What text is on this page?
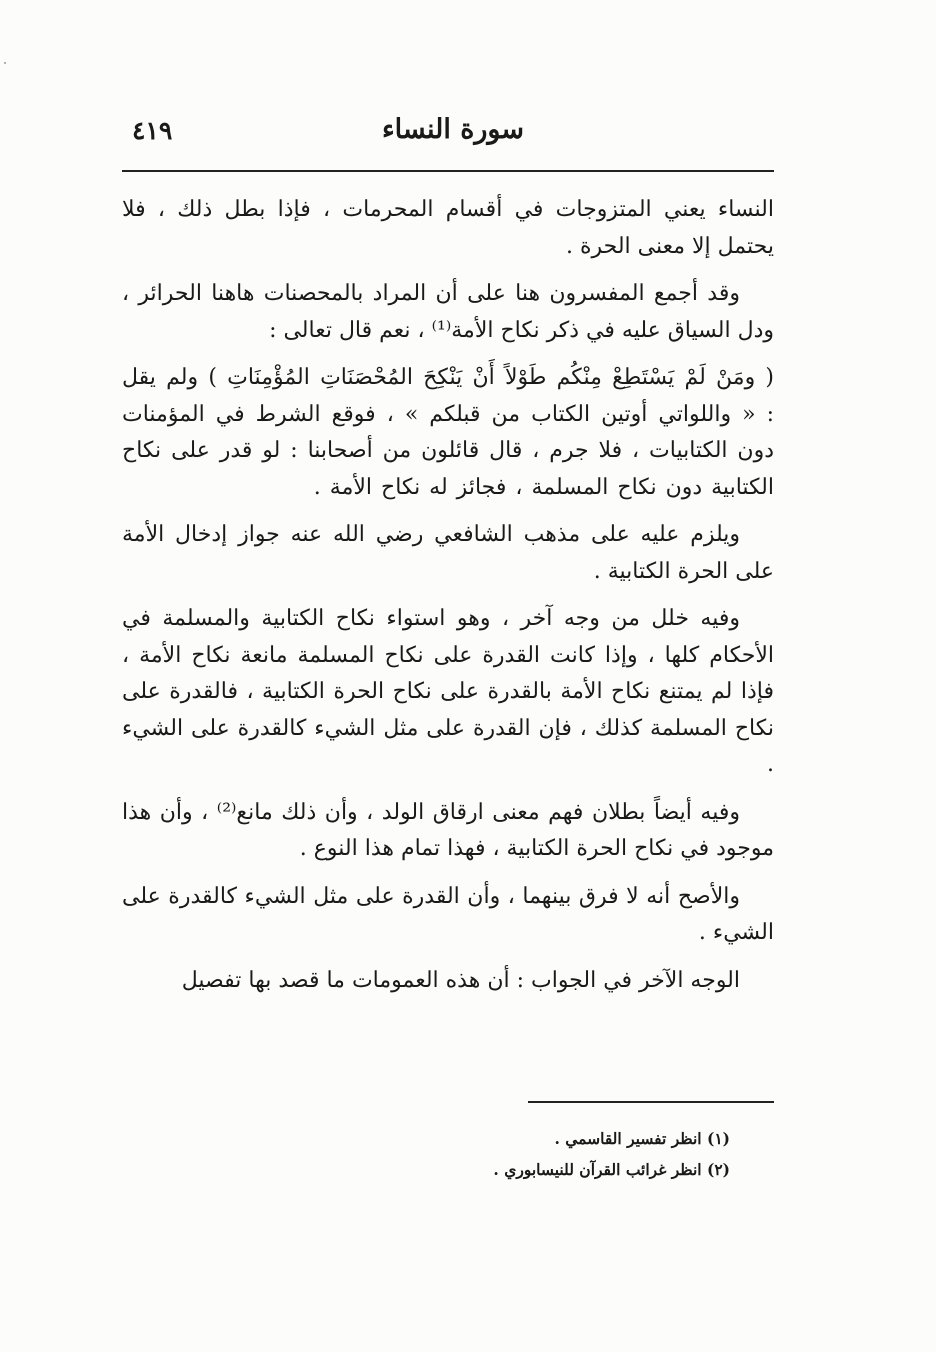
سورة النساء
٤١٩

النساء يعني المتزوجات في أقسام المحرمات ، فإذا بطل ذلك ، فلا يحتمل إلا معنى الحرة .

وقد أجمع المفسرون هنا على أن المراد بالمحصنات هاهنا الحرائر ، ودل السياق عليه في ذكر نكاح الأمة⁽¹⁾ ، نعم قال تعالى :

( ومَنْ لَمْ يَسْتَطِعْ مِنْكُم طَوْلاً أَنْ يَنْكِحَ المُحْصَنَاتِ المُؤْمِنَاتِ ) ولم يقل : « واللواتي أوتين الكتاب من قبلكم » ، فوقع الشرط في المؤمنات دون الكتابيات ، فلا جرم ، قال قائلون من أصحابنا : لو قدر على نكاح الكتابية دون نكاح المسلمة ، فجائز له نكاح الأمة .

ويلزم عليه على مذهب الشافعي رضي الله عنه جواز إدخال الأمة على الحرة الكتابية .

وفيه خلل من وجه آخر ، وهو استواء نكاح الكتابية والمسلمة في الأحكام كلها ، وإذا كانت القدرة على نكاح المسلمة مانعة نكاح الأمة ، فإذا لم يمتنع نكاح الأمة بالقدرة على نكاح الحرة الكتابية ، فالقدرة على نكاح المسلمة كذلك ، فإن القدرة على مثل الشيء كالقدرة على الشيء .

وفيه أيضاً بطلان فهم معنى ارقاق الولد ، وأن ذلك مانع⁽²⁾ ، وأن هذا موجود في نكاح الحرة الكتابية ، فهذا تمام هذا النوع .

والأصح أنه لا فرق بينهما ، وأن القدرة على مثل الشيء كالقدرة على الشيء .

الوجه الآخر في الجواب : أن هذه العمومات ما قصد بها تفصيل

(١) انظر تفسير القاسمي .
(٢) انظر غرائب القرآن للنيسابوري .
